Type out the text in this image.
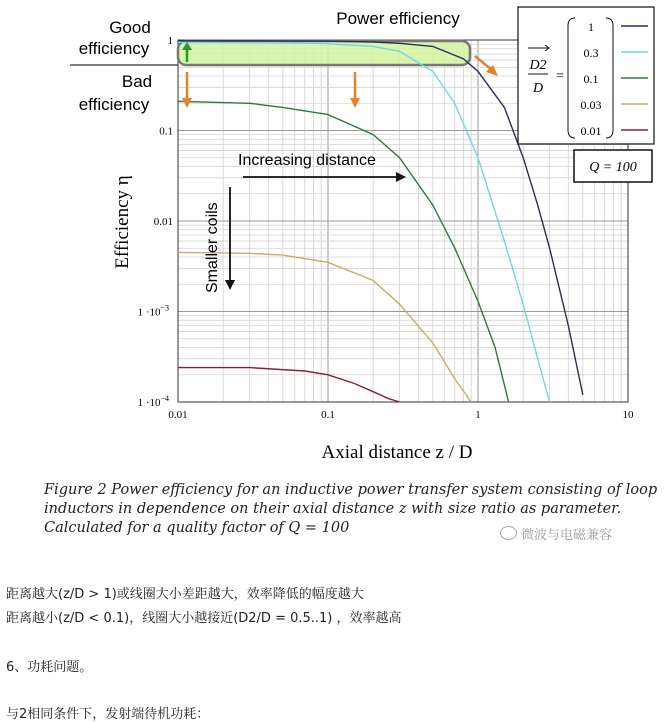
0.01	0.1	1	10
1
0.1
0.01
$1 \cdot 10^{-3}$
$1 \cdot 10^{-4}$
Good
efficiency
Bad
efficiency
Power efficiency
Increasing distance
Smaller coils
Efficiency η
Axial distance z / D
D2
D
=
1
0.3
0.1
0.03
0.01
Q = 100
Figure 2 Power efficiency for an inductive power transfer system consisting of loop
inductors in dependence on their axial distance z with size ratio as parameter.
Calculated for a quality factor of Q = 100	微波与电磁兼容
距离越大(z/D > 1)或线圈大小差距越大，效率降低的幅度越大
距离越小(z/D < 0.1)，线圈大小越接近(D2/D = 0.5..1) ，效率越高
6、功耗问题。
与2相同条件下，发射端待机功耗：
